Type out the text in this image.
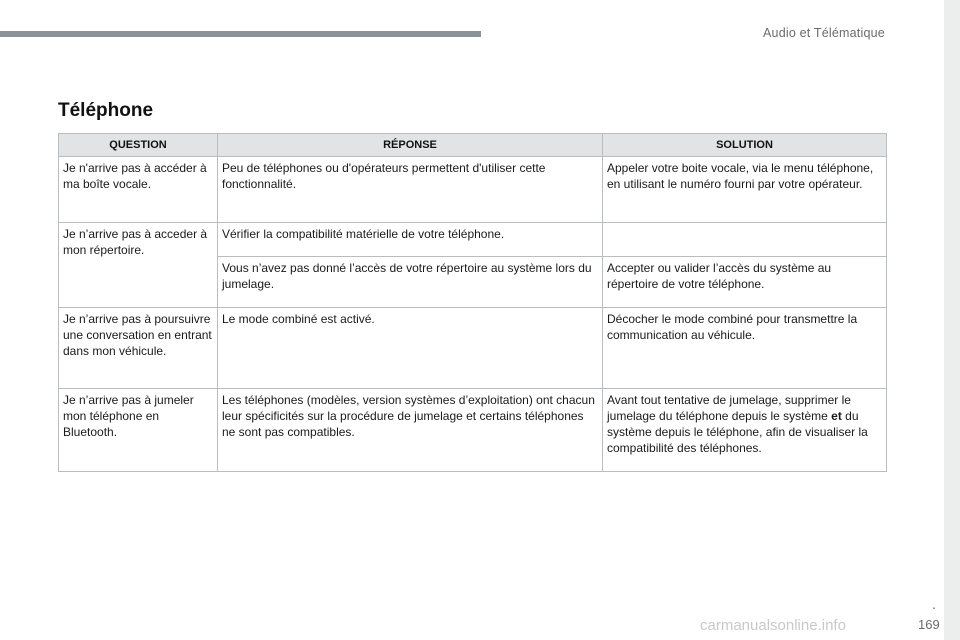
Audio et Télématique
Téléphone
QUESTION	RÉPONSE	SOLUTION
Je n'arrive pas à accéder à ma boîte vocale.	Peu de téléphones ou d'opérateurs permettent d'utiliser cette fonctionnalité.	Appeler votre boite vocale, via le menu téléphone, en utilisant le numéro fourni par votre opérateur.
Je n’arrive pas à acceder à mon répertoire.	Vérifier la compatibilité matérielle de votre téléphone.	
	Vous n’avez pas donné l’accès de votre répertoire au système lors du jumelage.	Accepter ou valider l’accès du système au répertoire de votre téléphone.
Je n’arrive pas à poursuivre une conversation en entrant dans mon véhicule.	Le mode combiné est activé.	Décocher le mode combiné pour transmettre la communication au véhicule.
Je n’arrive pas à jumeler mon téléphone en Bluetooth.	Les téléphones (modèles, version systèmes d’exploitation) ont chacun leur spécificités sur la procédure de jumelage et certains téléphones ne sont pas compatibles.	Avant tout tentative de jumelage, supprimer le jumelage du téléphone depuis le système et du système depuis le téléphone, afin de visualiser la compatibilité des téléphones.
.
carmanualsonline.info	169
